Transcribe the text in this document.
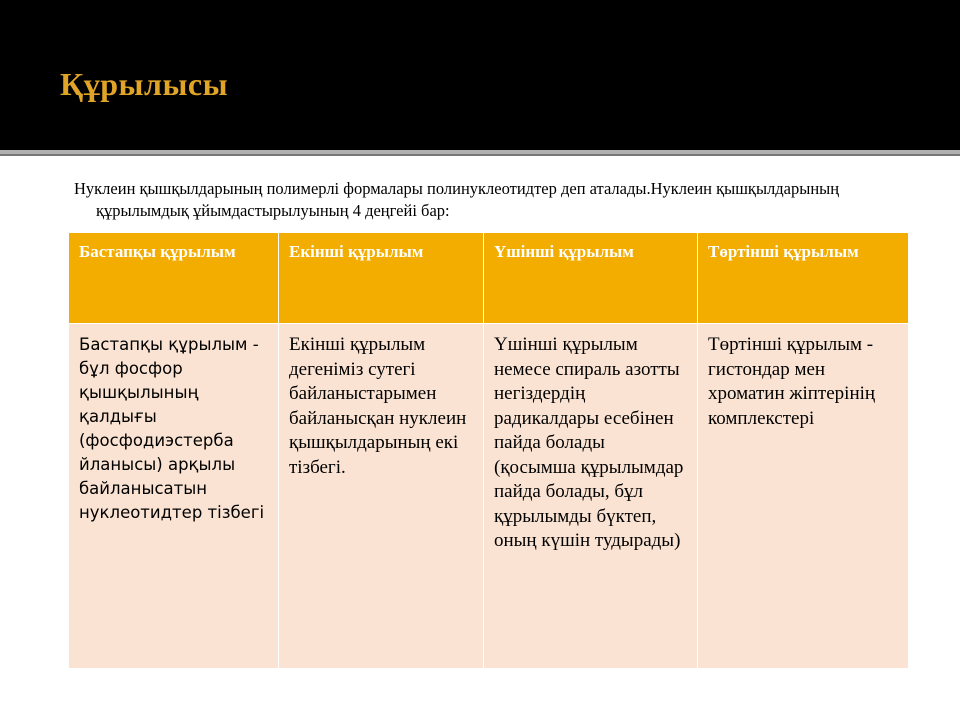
Құрылысы
Нуклеин қышқылдарының полимерлі формалары полинуклеотидтер деп аталады.Нуклеин қышқылдарының құрылымдық ұйымдастырылуының 4 деңгейі бар:
Бастапқы құрылым	Екінші құрылым	Үшінші құрылым	Төртінші құрылым
Бастапқы құрылым - бұл фосфор қышқылының қалдығы (фосфодиэстерба йланысы) арқылы байланысатын нуклеотидтер тізбегі	Екінші құрылым дегеніміз сутегі байланыстарымен байланысқан нуклеин қышқылдарының екі тізбегі.	Үшінші құрылым немесе спираль азотты негіздердің радикалдары есебінен пайда болады (қосымша құрылымдар пайда болады, бұл құрылымды бүктеп, оның күшін тудырады)	Төртінші құрылым - гистондар мен хроматин жіптерінің комплекстері
